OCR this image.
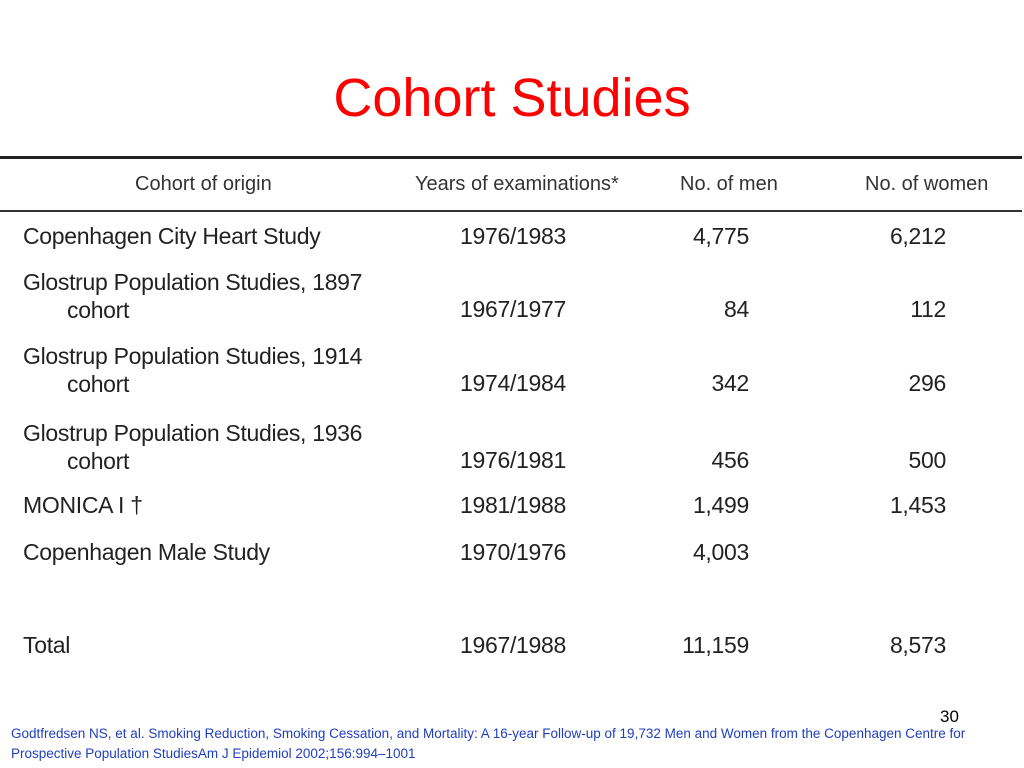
Cohort Studies
Cohort of origin	Years of examinations*	No. of men	No. of women
Copenhagen City Heart Study	1976/1983	4,775	6,212
Glostrup Population Studies, 1897
cohort	1967/1977	84	112
Glostrup Population Studies, 1914
cohort	1974/1984	342	296
Glostrup Population Studies, 1936
cohort	1976/1981	456	500
MONICA I †	1981/1988	1,499	1,453
Copenhagen Male Study	1970/1976	4,003
Total	1967/1988	11,159	8,573
30
Godtfredsen NS, et al. Smoking Reduction, Smoking Cessation, and Mortality: A 16-year Follow-up of 19,732 Men and Women from the Copenhagen Centre for Prospective Population StudiesAm J Epidemiol 2002;156:994–1001
